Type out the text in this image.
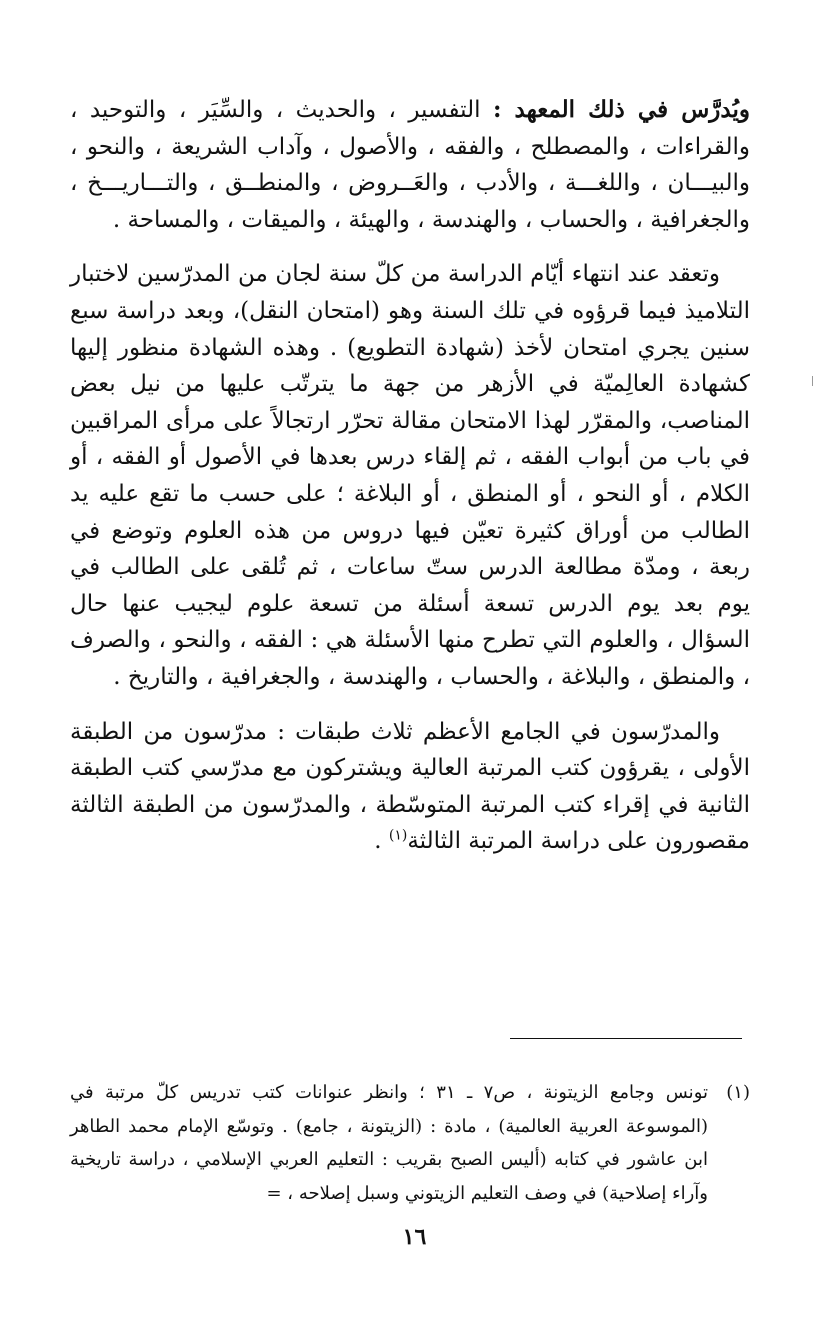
ويُدرَّس في ذلك المعهد : التفسير ، والحديث ، والسِّيَر ، والتوحيد ، والقراءات ، والمصطلح ، والفقه ، والأصول ، وآداب الشريعة ، والنحو ، والبيـــان ، واللغـــة ، والأدب ، والعَــروض ، والمنطــق ، والتـــاريـــخ ، والجغرافية ، والحساب ، والهندسة ، والهيئة ، والميقات ، والمساحة .

وتعقد عند انتهاء أيّام الدراسة من كلّ سنة لجان من المدرّسين لاختبار التلاميذ فيما قرؤوه في تلك السنة وهو (امتحان النقل)، وبعد دراسة سبع سنين يجري امتحان لأخذ (شهادة التطويع) . وهذه الشهادة منظور إليها كشهادة العالِميّة في الأزهر من جهة ما يترتّب عليها من نيل بعض المناصب، والمقرّر لهذا الامتحان مقالة تحرّر ارتجالاً على مرأى المراقبين في باب من أبواب الفقه ، ثم إلقاء درس بعدها في الأصول أو الفقه ، أو الكلام ، أو النحو ، أو المنطق ، أو البلاغة ؛ على حسب ما تقع عليه يد الطالب من أوراق كثيرة تعيّن فيها دروس من هذه العلوم وتوضع في ربعة ، ومدّة مطالعة الدرس ستّ ساعات ، ثم تُلقى على الطالب في يوم بعد يوم الدرس تسعة أسئلة من تسعة علوم ليجيب عنها حال السؤال ، والعلوم التي تطرح منها الأسئلة هي : الفقه ، والنحو ، والصرف ، والمنطق ، والبلاغة ، والحساب ، والهندسة ، والجغرافية ، والتاريخ .

والمدرّسون في الجامع الأعظم ثلاث طبقات : مدرّسون من الطبقة الأولى ، يقرؤون كتب المرتبة العالية ويشتركون مع مدرّسي كتب الطبقة الثانية في إقراء كتب المرتبة المتوسّطة ، والمدرّسون من الطبقة الثالثة مقصورون على دراسة المرتبة الثالثة$^{(١)}$ .

(١)
تونس وجامع الزيتونة ، ص٧ ـ ٣١ ؛ وانظر عنوانات كتب تدريس كلّ مرتبة في (الموسوعة العربية العالمية) ، مادة : (الزيتونة ، جامع) . وتوسّع الإمام محمد الطاهر ابن عاشور في كتابه (أليس الصبح بقريب : التعليم العربي الإسلامي ، دراسة تاريخية وآراء إصلاحية) في وصف التعليم الزيتوني وسبل إصلاحه ، =
١٦
